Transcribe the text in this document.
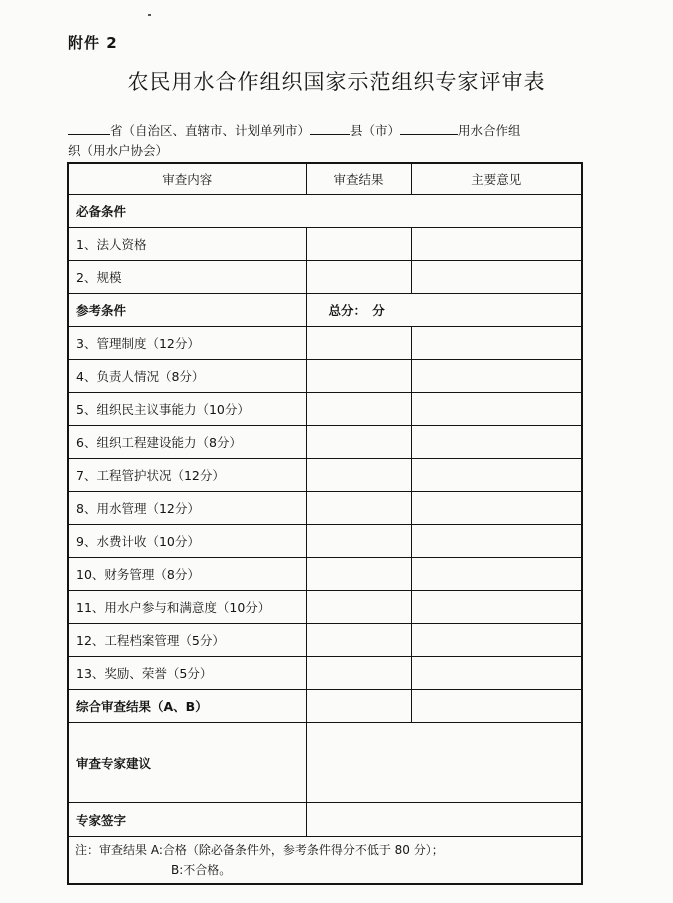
附件 2
农民用水合作组织国家示范组织专家评审表
省（自治区、直辖市、计划单列市）	县（市）	用水合作组
织（用水户协会）
审查内容	审查结果	主要意见
必备条件		
1、法人资格		
2、规模		
参考条件	总分：　分	
3、管理制度（12分）		
4、负责人情况（8分）		
5、组织民主议事能力（10分）		
6、组织工程建设能力（8分）		
7、工程管护状况（12分）		
8、用水管理（12分）		
9、水费计收（10分）		
10、财务管理（8分）		
11、用水户参与和满意度（10分）		
12、工程档案管理（5分）		
13、奖励、荣誉（5分）		
综合审查结果（A、B）		
审查专家建议		
专家签字		

注：审查结果 A:合格（除必备条件外，参考条件得分不低于 80 分）；
B:不合格。		
